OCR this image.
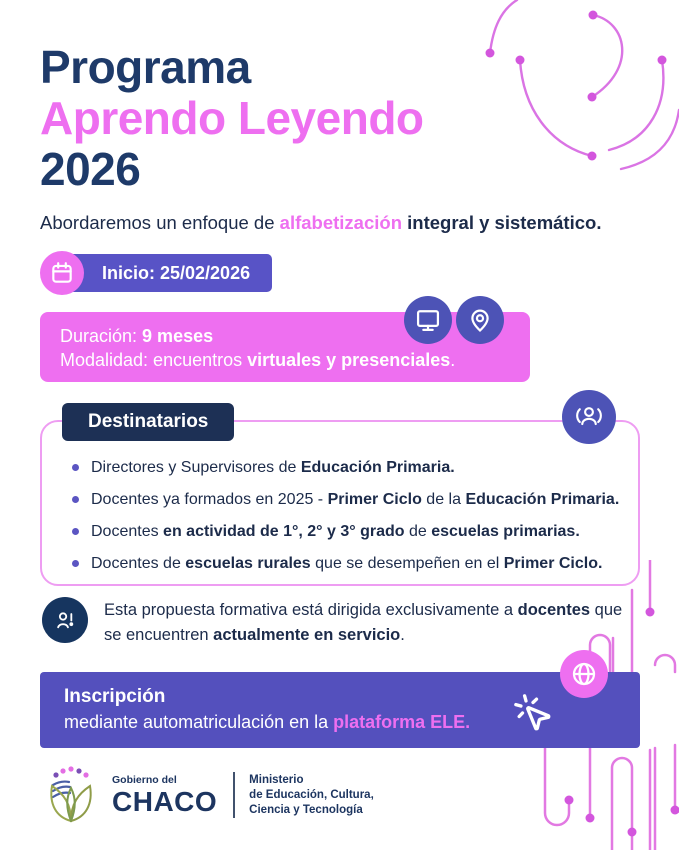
Programa
Aprendo Leyendo
2026

Abordaremos un enfoque de alfabetización integral y sistemático.

Inicio: 25/02/2026
Duración: 9 meses
Modalidad: encuentros virtuales y presenciales.
Destinatarios
Directores y Supervisores de Educación Primaria.
Docentes ya formados en 2025 - Primer Ciclo de la Educación Primaria.
Docentes en actividad de 1°, 2° y 3° grado de escuelas primarias.
Docentes de escuelas rurales que se desempeñen en el Primer Ciclo.
Esta propuesta formativa está dirigida exclusivamente a docentes que se encuentren actualmente en servicio.
Inscripción
mediante automatriculación en la plataforma ELE.
Gobierno del
CHACO
Ministerio
de Educación, Cultura,
Ciencia y Tecnología
